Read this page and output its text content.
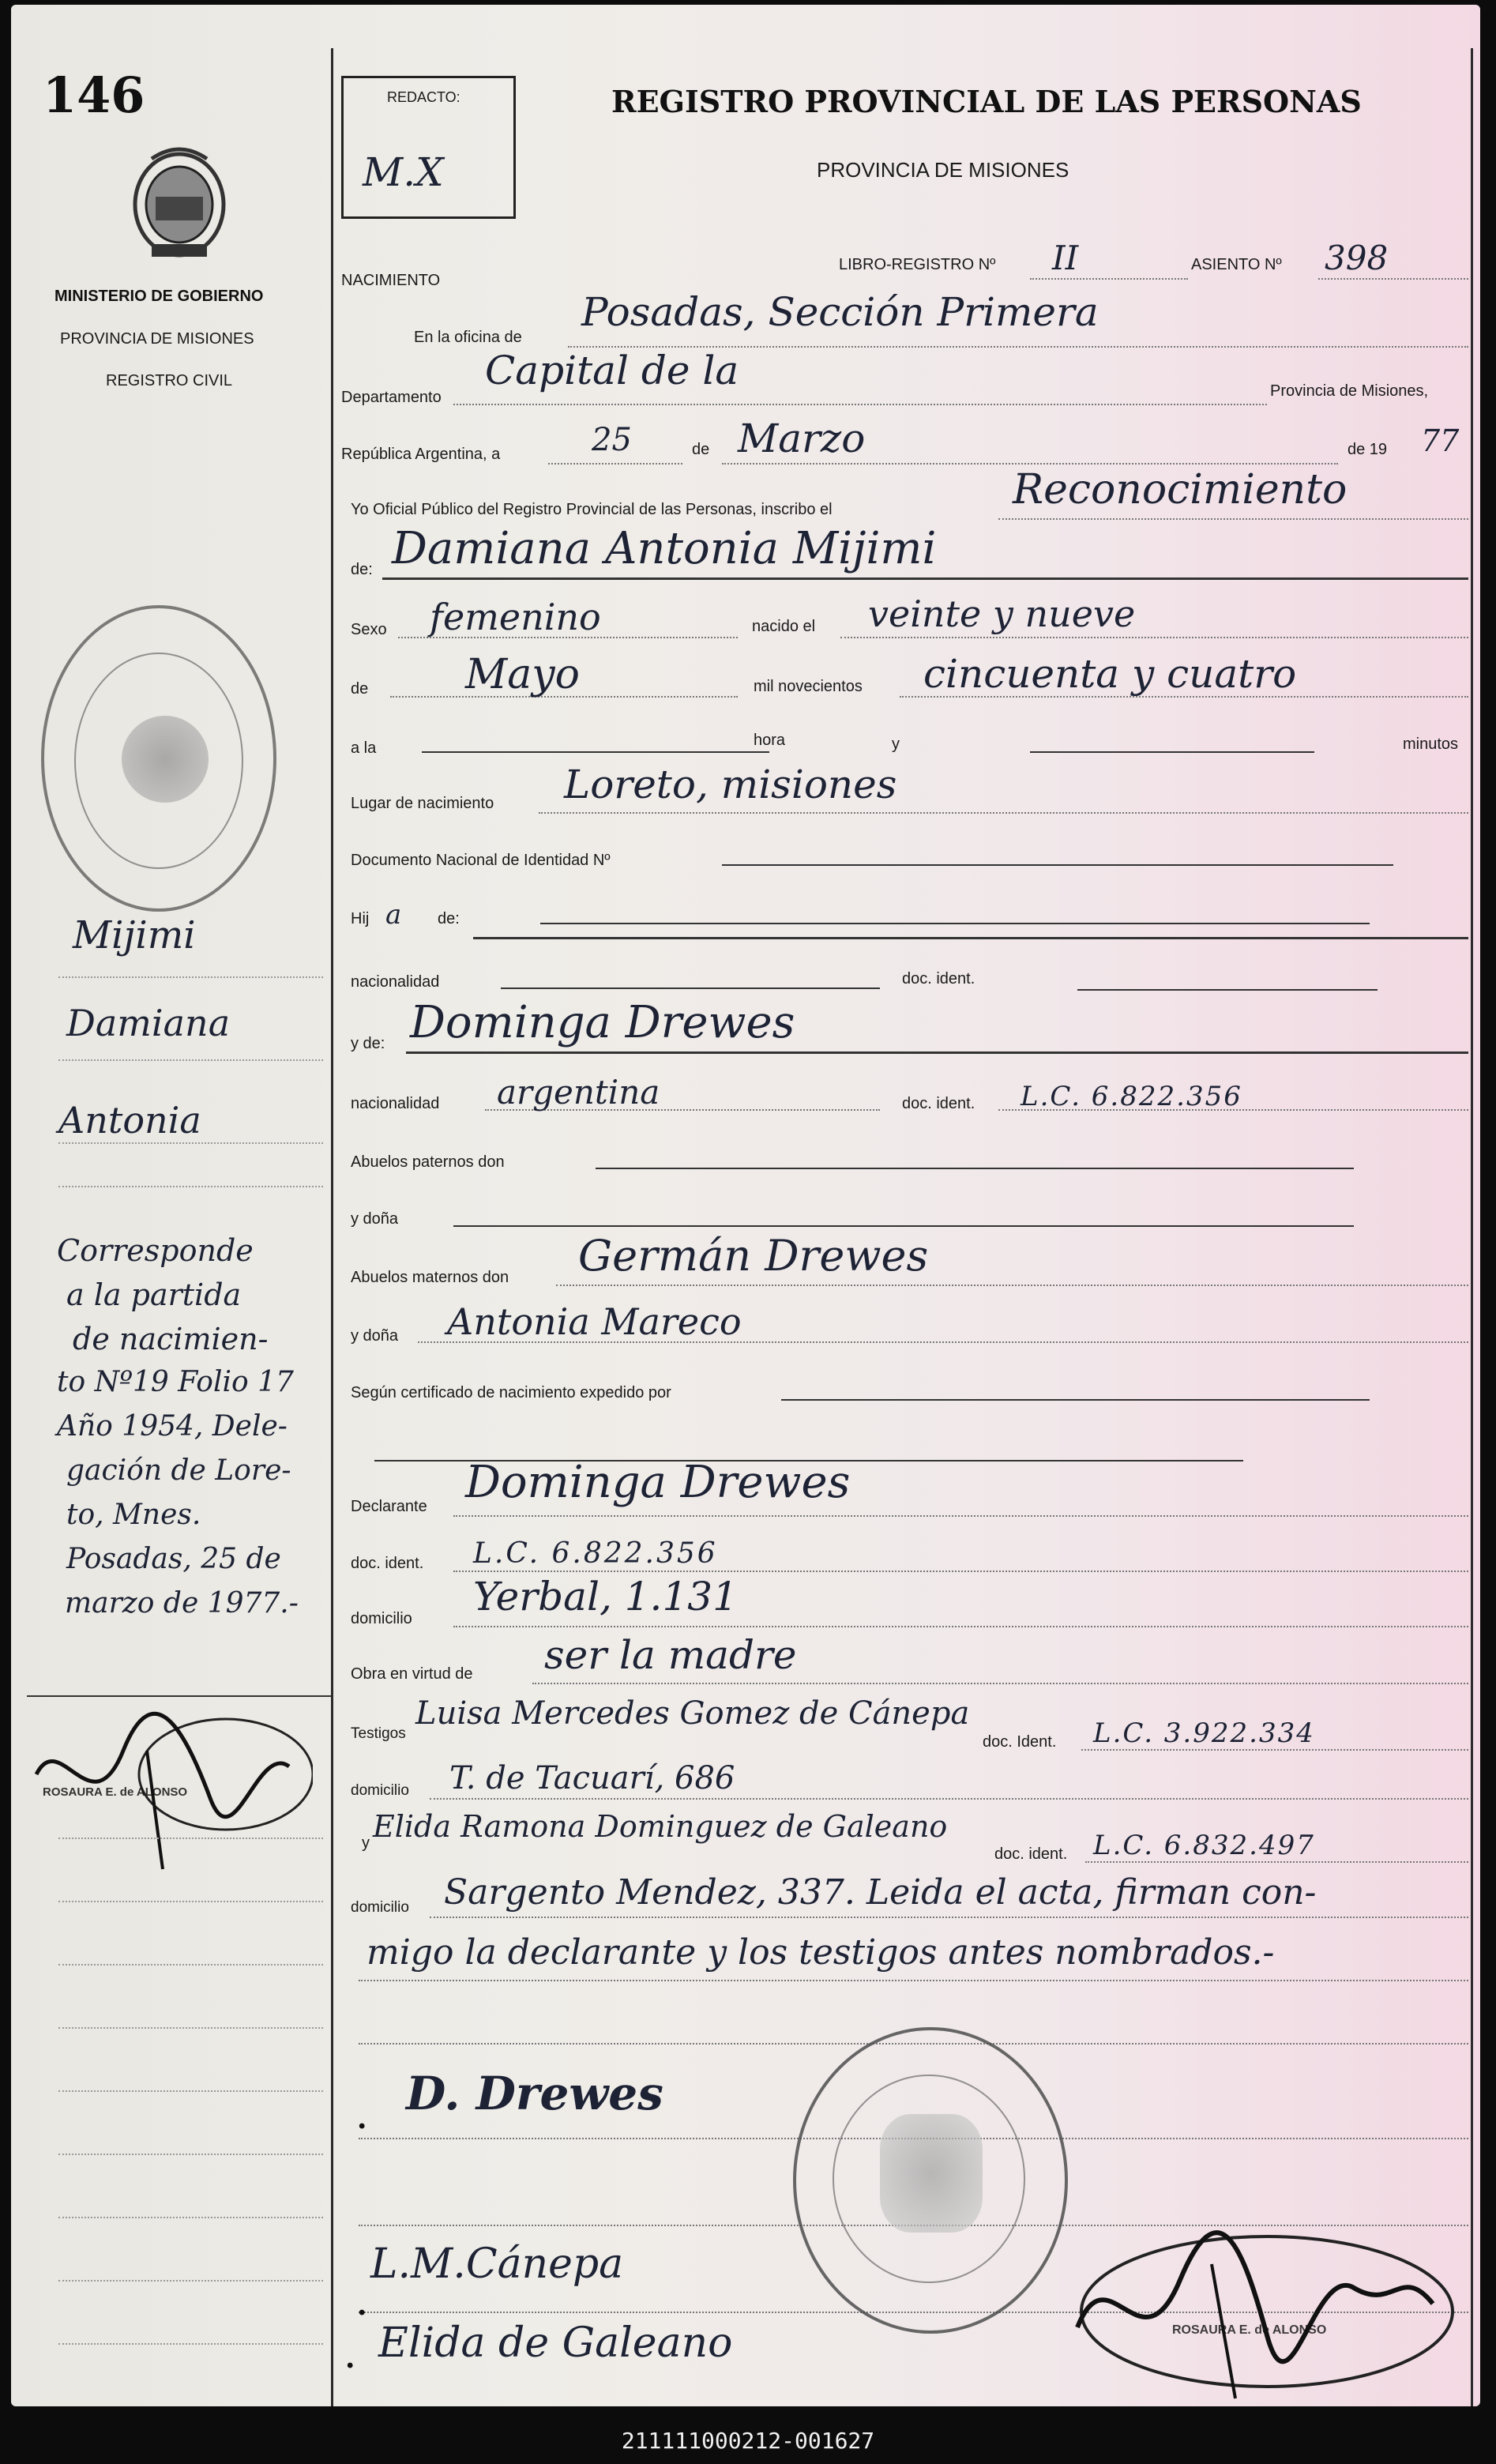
146
MINISTERIO DE GOBIERNO
PROVINCIA DE MISIONES
REGISTRO CIVIL
Mijimi
Damiana
Antonia
Corresponde
a la partida
de nacimien-
to Nº19 Folio 17
Año 1954, Dele-
gación de Lore-
to, Mnes.
Posadas, 25 de
marzo de 1977.-
ROSAURA E. de ALONSO
REDACTO:
M.X
REGISTRO PROVINCIAL DE LAS PERSONAS
PROVINCIA DE MISIONES
NACIMIENTO
LIBRO-REGISTRO Nº II	ASIENTO Nº 398
En la oficina de
Posadas, Sección Primera
Departamento
Capital de la	Provincia de Misiones,
República Argentina, a	25	de Marzo	de 19 77
Yo Oficial Público del Registro Provincial de las Personas, inscribo el	Reconocimiento
de: Damiana Antonia Mijimi
Sexo femenino	nacido el veinte y nueve
de Mayo	mil novecientos cincuenta y cuatro
a la	hora	y	minutos
Lugar de nacimiento Loreto, misiones
Documento Nacional de Identidad Nº
Hij a de:
nacionalidad	doc. ident.
y de: Dominga Drewes
nacionalidad argentina	doc. ident. L.C. 6.822.356
Abuelos paternos don
y doña
Abuelos maternos don Germán Drewes
y doña Antonia Mareco
Según certificado de nacimiento expedido por
Declarante Dominga Drewes
doc. ident. L.C. 6.822.356
domicilio Yerbal, 1.131
Obra en virtud de ser la madre
Testigos
Luisa Mercedes Gomez de Cánepa
doc. Ident. L.C. 3.922.334
domicilio T. de Tacuarí, 686
y Elida Ramona Dominguez de Galeano
doc. ident. L.C. 6.832.497
domicilio Sargento Mendez, 337. Leida el acta, firman con-
migo la declarante y los testigos antes nombrados.-
•
D. Drewes
•
L.M.Cánepa
• Elida de Galeano	ROSAURA E. de ALONSO
211111000212-001627
